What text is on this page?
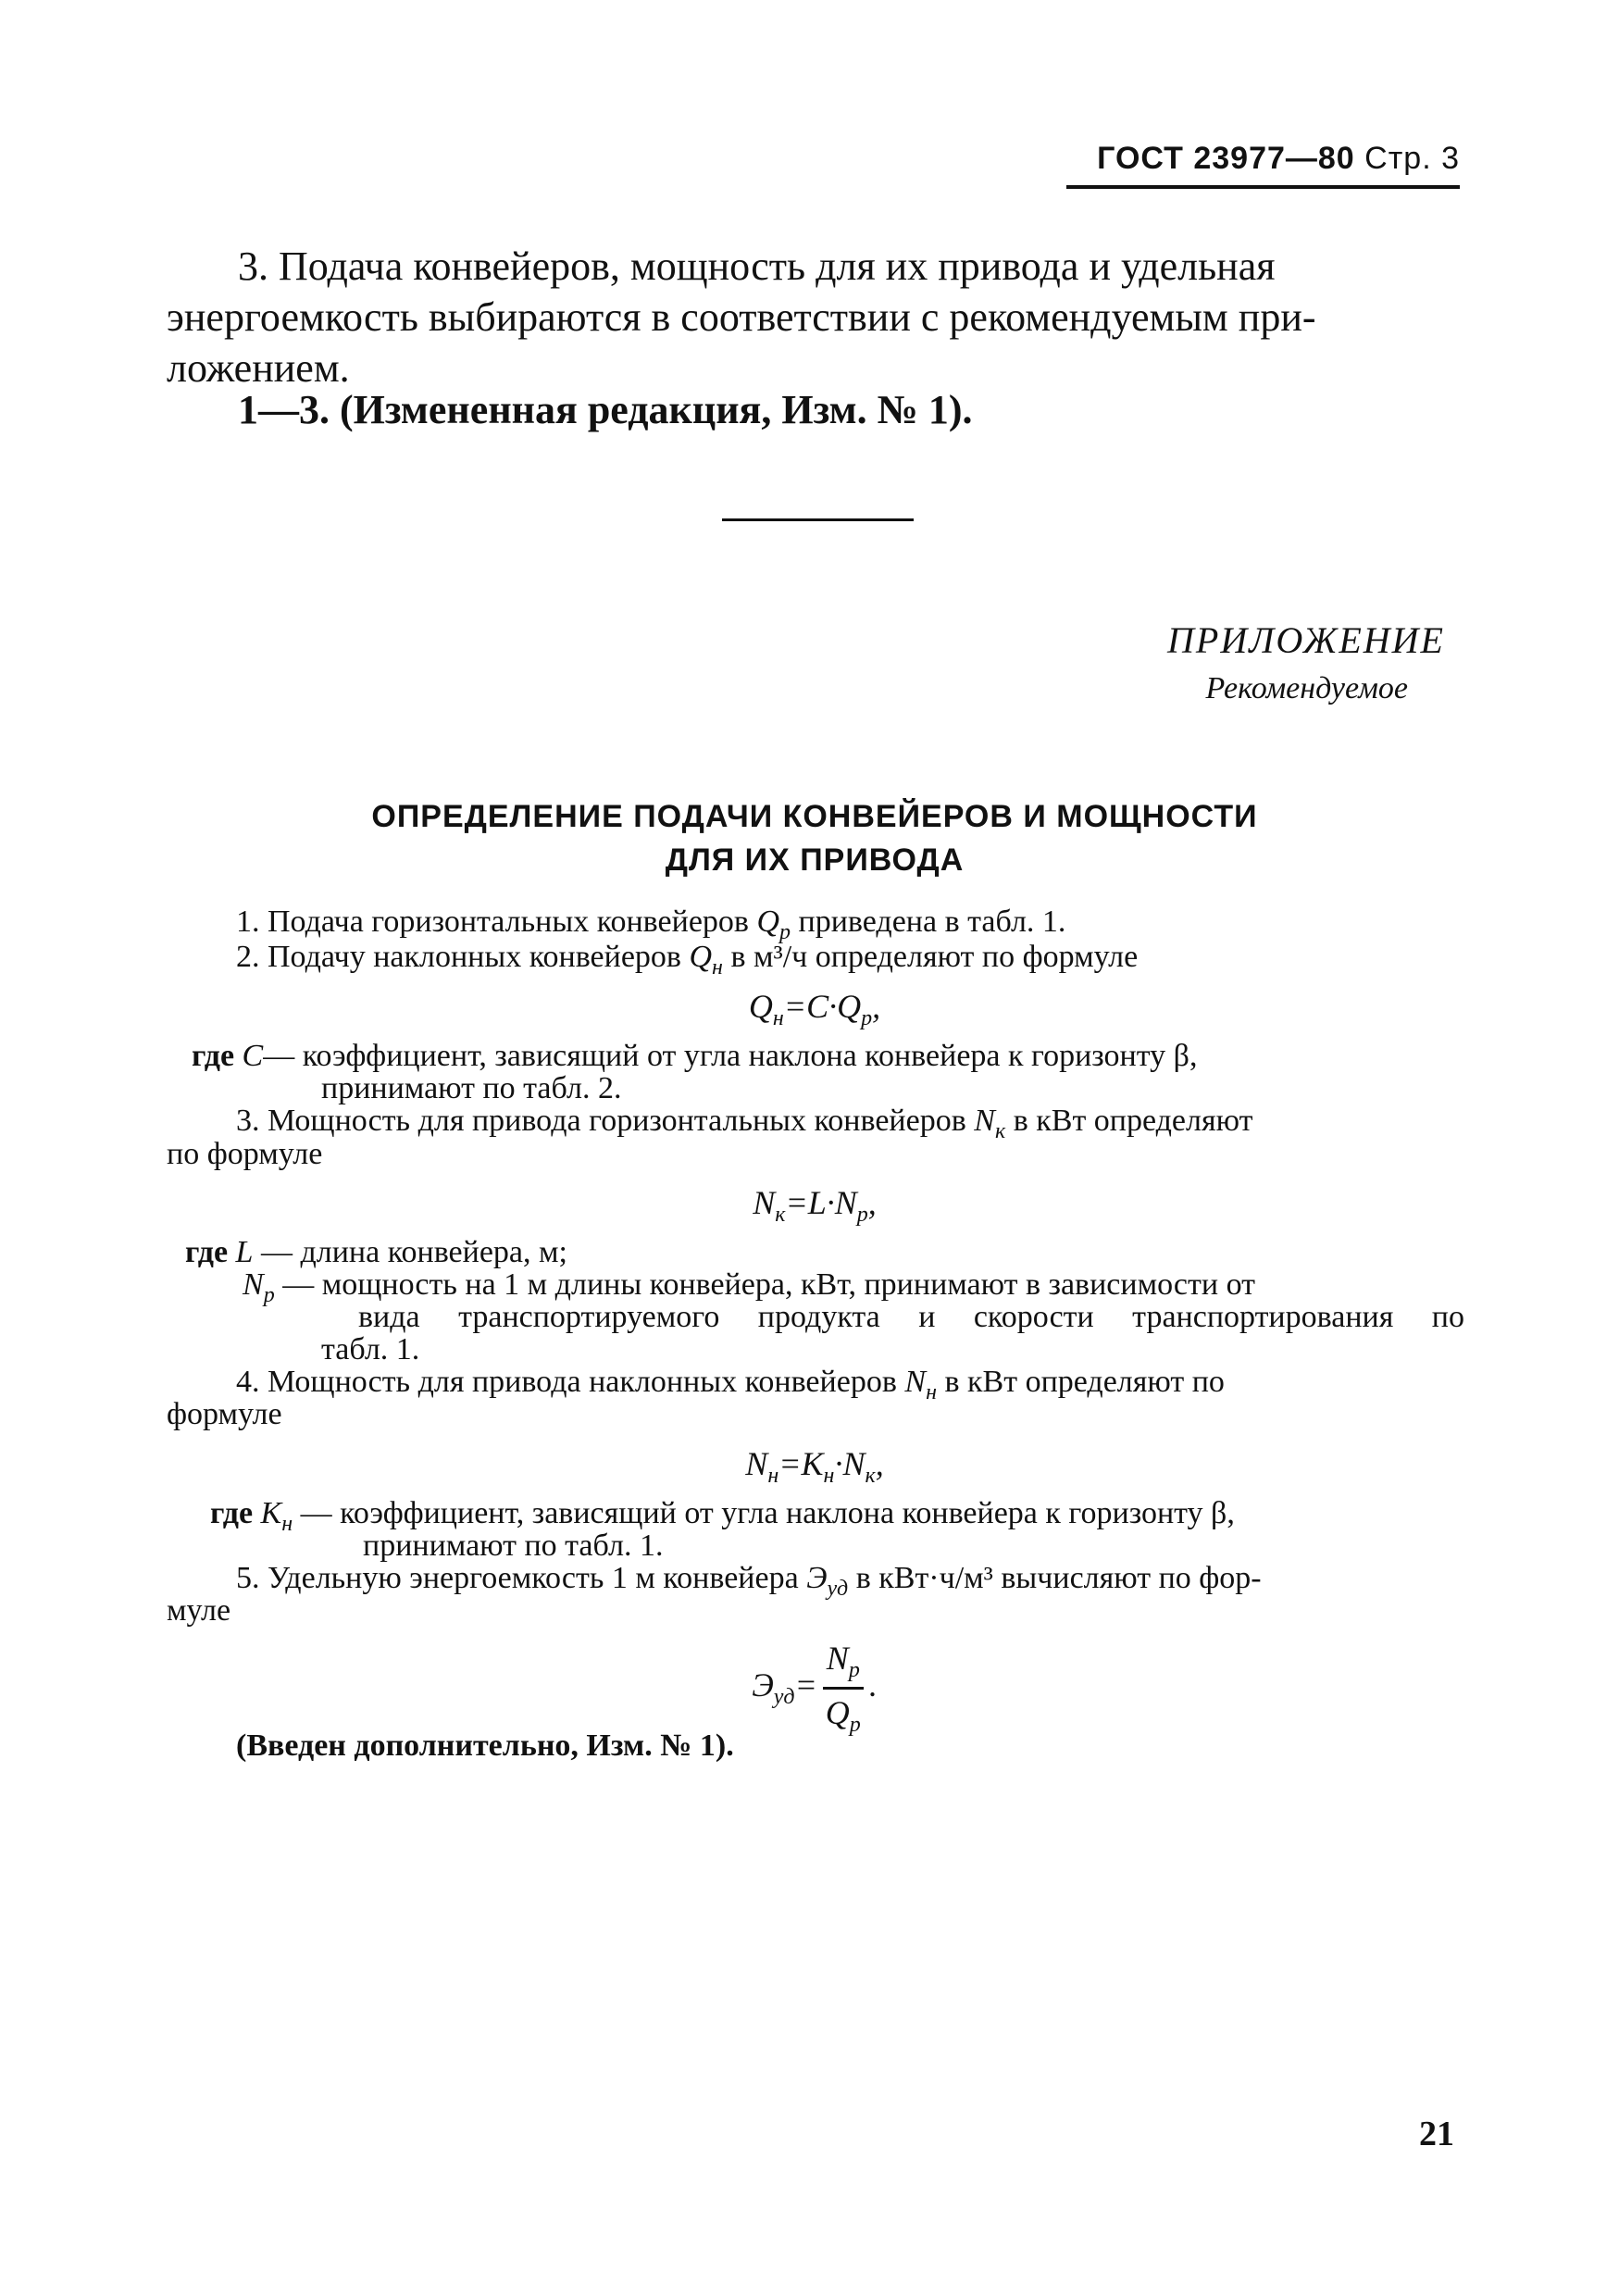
ГОСТ 23977—80 Стр. 3
3. Подача конвейеров, мощность для их привода и удельная
энергоемкость выбираются в соответствии с рекомендуемым при-
ложением.
1—3. (Измененная редакция, Изм. № 1).
ПРИЛОЖЕНИЕ
Рекомендуемое
ОПРЕДЕЛЕНИЕ ПОДАЧИ КОНВЕЙЕРОВ И МОЩНОСТИ
ДЛЯ ИХ ПРИВОДА
1. Подача горизонтальных конвейеров $Q_р$ приведена в табл. 1.
2. Подачу наклонных конвейеров $Q_н$ в м³/ч определяют по формуле
$Q_н=C\cdot Q_р$,
где C— коэффициент, зависящий от угла наклона конвейера к горизонту β,
принимают по табл. 2.
3. Мощность для привода горизонтальных конвейеров $N_к$ в кВт определяют
по формуле
$N_к=L\cdot N_р$,
где L — длина конвейера, м;
$N_р$ — мощность на 1 м длины конвейера, кВт, принимают в зависимости от
вида транспортируемого продукта и скорости транспортирования по
табл. 1.
4. Мощность для привода наклонных конвейеров $N_н$ в кВт определяют по
формуле
$N_н=K_н\cdot N_к$,
где $K_н$ — коэффициент, зависящий от угла наклона конвейера к горизонту β,
принимают по табл. 1.
5. Удельную энергоемкость 1 м конвейера $Э_{уд}$ в кВт·ч/м³ вычисляют по фор-
муле
$Э_{уд}= \frac{N_р}{Q_р}$ .
(Введен дополнительно, Изм. № 1).
21
